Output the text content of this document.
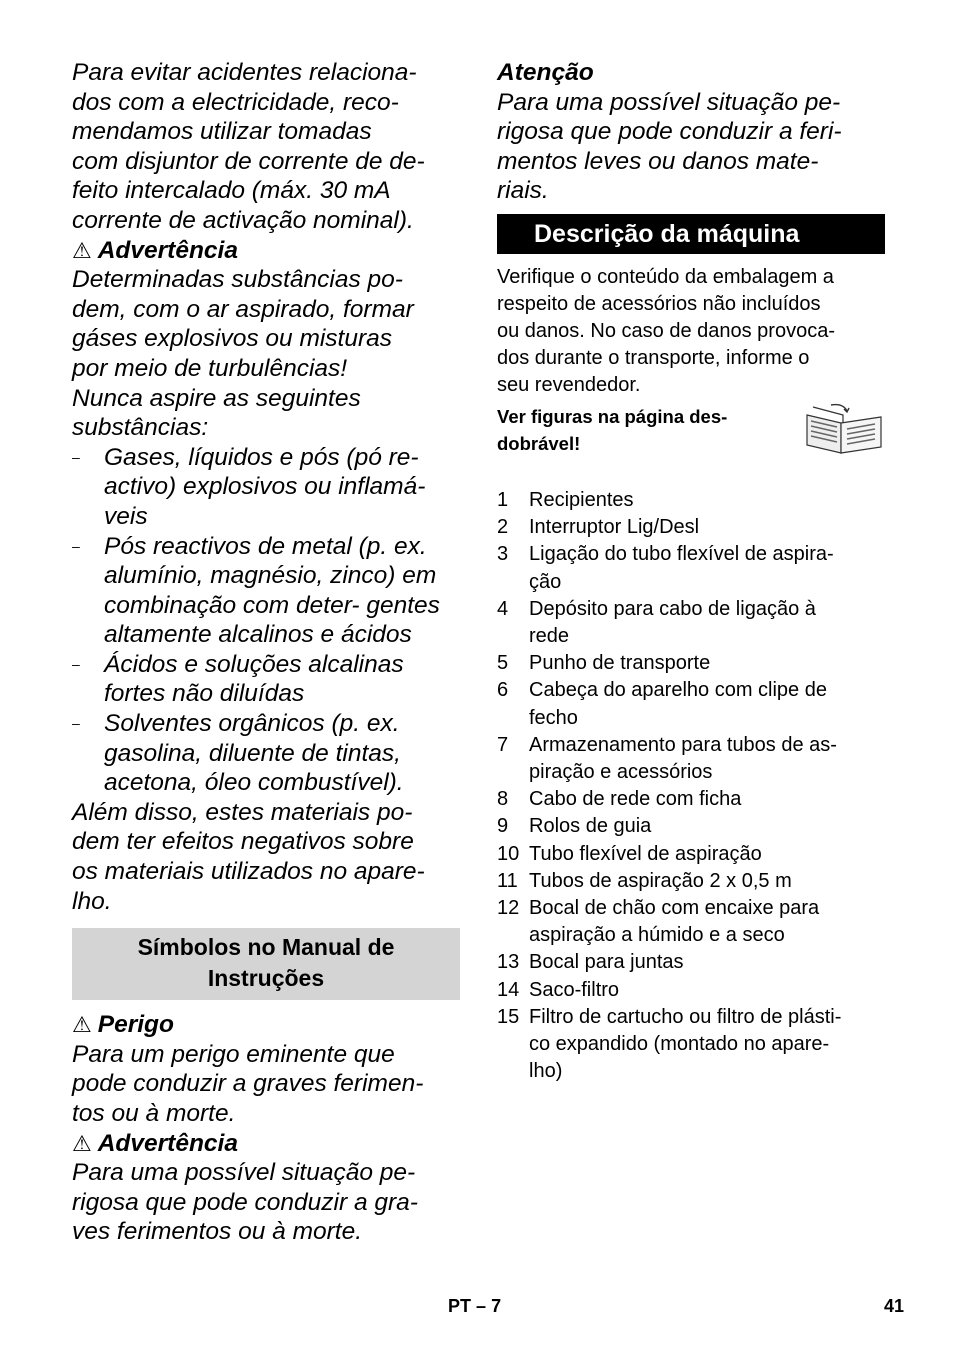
Para evitar acidentes relaciona-

dos com a electricidade, reco-

mendamos utilizar tomadas

com disjuntor de corrente de de-

feito intercalado (máx. 30 mA

corrente de activação nominal).

⚠ Advertência

Determinadas substâncias po-

dem, com o ar aspirado, formar

gáses explosivos ou misturas

por meio de turbulências!

Nunca aspire as seguintes

substâncias:

– Gases, líquidos e pós (pó re- activo) explosivos ou inflamá- veis
– Pós reactivos de metal (p. ex. alumínio, magnésio, zinco) em combinação com deter- gentes altamente alcalinos e ácidos
– Ácidos e soluções alcalinas fortes não diluídas
– Solventes orgânicos (p. ex. gasolina, diluente de tintas, acetona, óleo combustível).

Além disso, estes materiais po-

dem ter efeitos negativos sobre

os materiais utilizados no apare-

lho.

Símbolos no Manual de
Instruções

⚠ Perigo

Para um perigo eminente que

pode conduzir a graves ferimen-

tos ou à morte.

⚠ Advertência

Para uma possível situação pe-

rigosa que pode conduzir a gra-

ves ferimentos ou à morte.

Atenção

Para uma possível situação pe-

rigosa que pode conduzir a feri-

mentos leves ou danos mate-

riais.

Descrição da máquina

Verifique o conteúdo da embalagem a

respeito de acessórios não incluídos

ou danos. No caso de danos provoca-

dos durante o transporte, informe o

seu revendedor.

Ver figuras na página des-
dobrável!
1 Recipientes
2 Interruptor Lig/Desl
3 Ligação do tubo flexível de aspira-
ção
4 Depósito para cabo de ligação à
rede
5 Punho de transporte
6 Cabeça do aparelho com clipe de
fecho
7 Armazenamento para tubos de as-
piração e acessórios
8 Cabo de rede com ficha
9 Rolos de guia
10 Tubo flexível de aspiração
11 Tubos de aspiração 2 x 0,5 m
12 Bocal de chão com encaixe para
aspiração a húmido e a seco
13 Bocal para juntas
14 Saco-filtro
15 Filtro de cartucho ou filtro de plásti-
co expandido (montado no apare-
lho)
PT – 7	41
